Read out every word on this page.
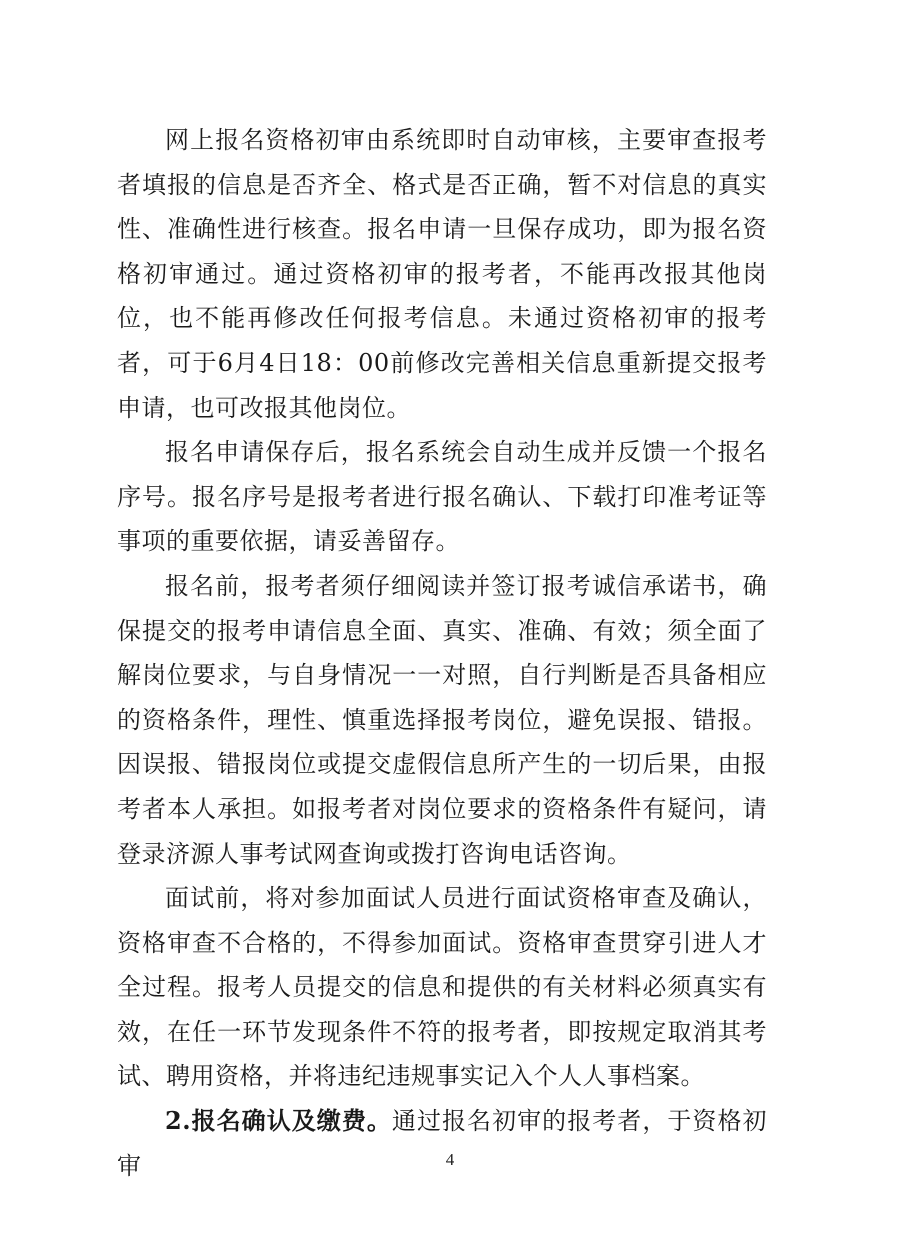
网上报名资格初审由系统即时自动审核，主要审查报考者填报的信息是否齐全、格式是否正确，暂不对信息的真实性、准确性进行核查。报名申请一旦保存成功，即为报名资格初审通过。通过资格初审的报考者，不能再改报其他岗位，也不能再修改任何报考信息。未通过资格初审的报考者，可于6月4日18：00前修改完善相关信息重新提交报考申请，也可改报其他岗位。

报名申请保存后，报名系统会自动生成并反馈一个报名序号。报名序号是报考者进行报名确认、下载打印准考证等事项的重要依据，请妥善留存。

报名前，报考者须仔细阅读并签订报考诚信承诺书，确保提交的报考申请信息全面、真实、准确、有效；须全面了解岗位要求，与自身情况一一对照，自行判断是否具备相应的资格条件，理性、慎重选择报考岗位，避免误报、错报。因误报、错报岗位或提交虚假信息所产生的一切后果，由报考者本人承担。如报考者对岗位要求的资格条件有疑问，请登录济源人事考试网查询或拨打咨询电话咨询。

面试前，将对参加面试人员进行面试资格审查及确认，资格审查不合格的，不得参加面试。资格审查贯穿引进人才全过程。报考人员提交的信息和提供的有关材料必须真实有效，在任一环节发现条件不符的报考者，即按规定取消其考试、聘用资格，并将违纪违规事实记入个人人事档案。

2.报名确认及缴费。通过报名初审的报考者，于资格初审	4
